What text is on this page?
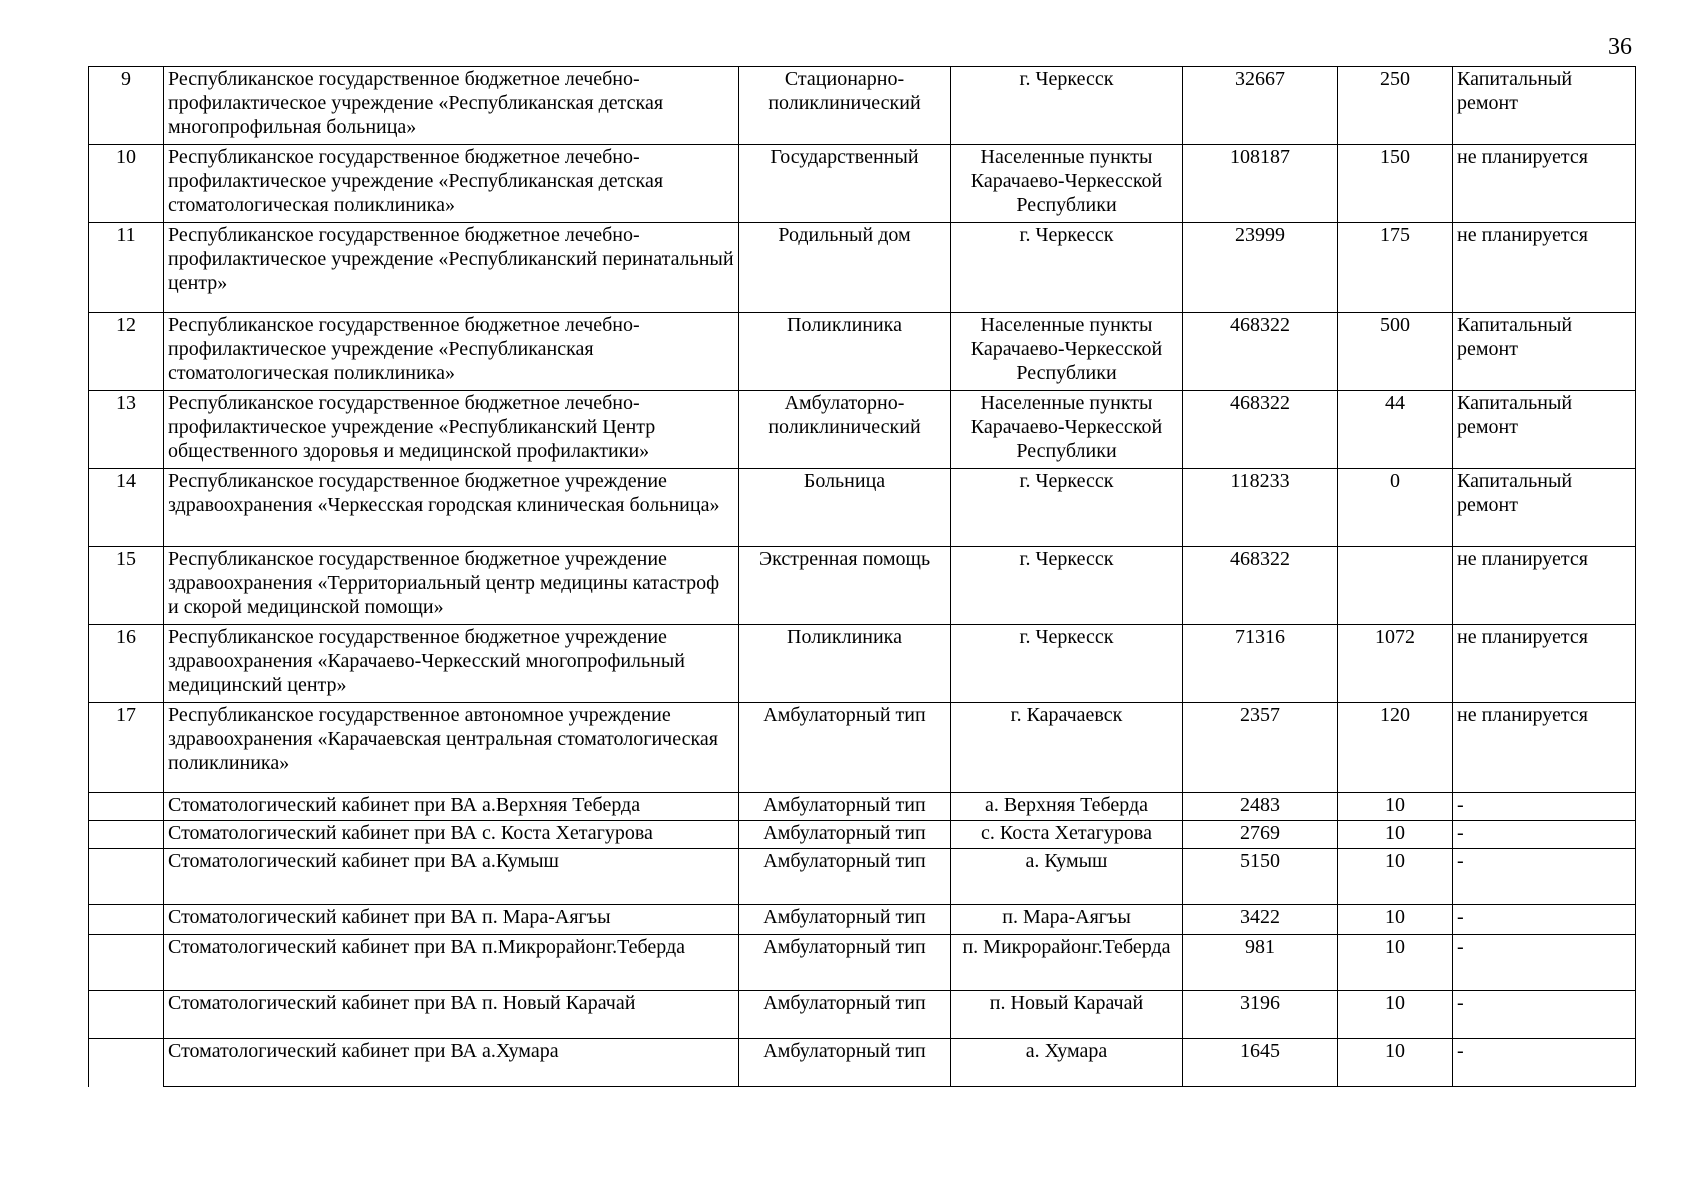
36
9	Республиканское государственное бюджетное лечебно-профилактическое учреждение «Республиканская детская многопрофильная больница»	Стационарно-поликлинический	г. Черкесск	32667	250	Капитальный ремонт
10	Республиканское государственное бюджетное лечебно-профилактическое учреждение «Республиканская детская стоматологическая поликлиника»	Государственный	Населенные пункты Карачаево-Черкесской Республики	108187	150	не планируется
11	Республиканское государственное бюджетное лечебно-профилактическое учреждение «Республиканский перинатальный центр»	Родильный дом	г. Черкесск	23999	175	не планируется
12	Республиканское государственное бюджетное лечебно-профилактическое учреждение «Республиканская стоматологическая поликлиника»	Поликлиника	Населенные пункты Карачаево-Черкесской Республики	468322	500	Капитальный ремонт
13	Республиканское государственное бюджетное лечебно-профилактическое учреждение «Республиканский Центр общественного здоровья и медицинской профилактики»	Амбулаторно-поликлинический	Населенные пункты Карачаево-Черкесской Республики	468322	44	Капитальный ремонт
14	Республиканское государственное бюджетное учреждение здравоохранения «Черкесская городская клиническая больница»	Больница	г. Черкесск	118233	0	Капитальный ремонт
15	Республиканское государственное бюджетное учреждение здравоохранения «Территориальный центр медицины катастроф и скорой медицинской помощи»	Экстренная помощь	г. Черкесск	468322		не планируется
16	Республиканское государственное бюджетное учреждение здравоохранения «Карачаево-Черкесский многопрофильный медицинский центр»	Поликлиника	г. Черкесск	71316	1072	не планируется
17	Республиканское государственное автономное учреждение здравоохранения «Карачаевская центральная стоматологическая поликлиника»	Амбулаторный тип	г. Карачаевск	2357	120	не планируется
	Стоматологический кабинет при ВА а.Верхняя Теберда	Амбулаторный тип	а. Верхняя Теберда	2483	10	-
	Стоматологический кабинет при ВА с. Коста Хетагурова	Амбулаторный тип	с. Коста Хетагурова	2769	10	-
	Стоматологический кабинет при ВА а.Кумыш	Амбулаторный тип	а. Кумыш	5150	10	-
	Стоматологический кабинет при ВА п. Мара-Аягъы	Амбулаторный тип	п. Мара-Аягъы	3422	10	-
	Стоматологический кабинет при ВА п.Микрорайонг.Теберда	Амбулаторный тип	п. Микрорайонг.Теберда	981	10	-
	Стоматологический кабинет при ВА п. Новый Карачай	Амбулаторный тип	п. Новый Карачай	3196	10	-
	Стоматологический кабинет при ВА а.Хумара	Амбулаторный тип	а. Хумара	1645	10	-
